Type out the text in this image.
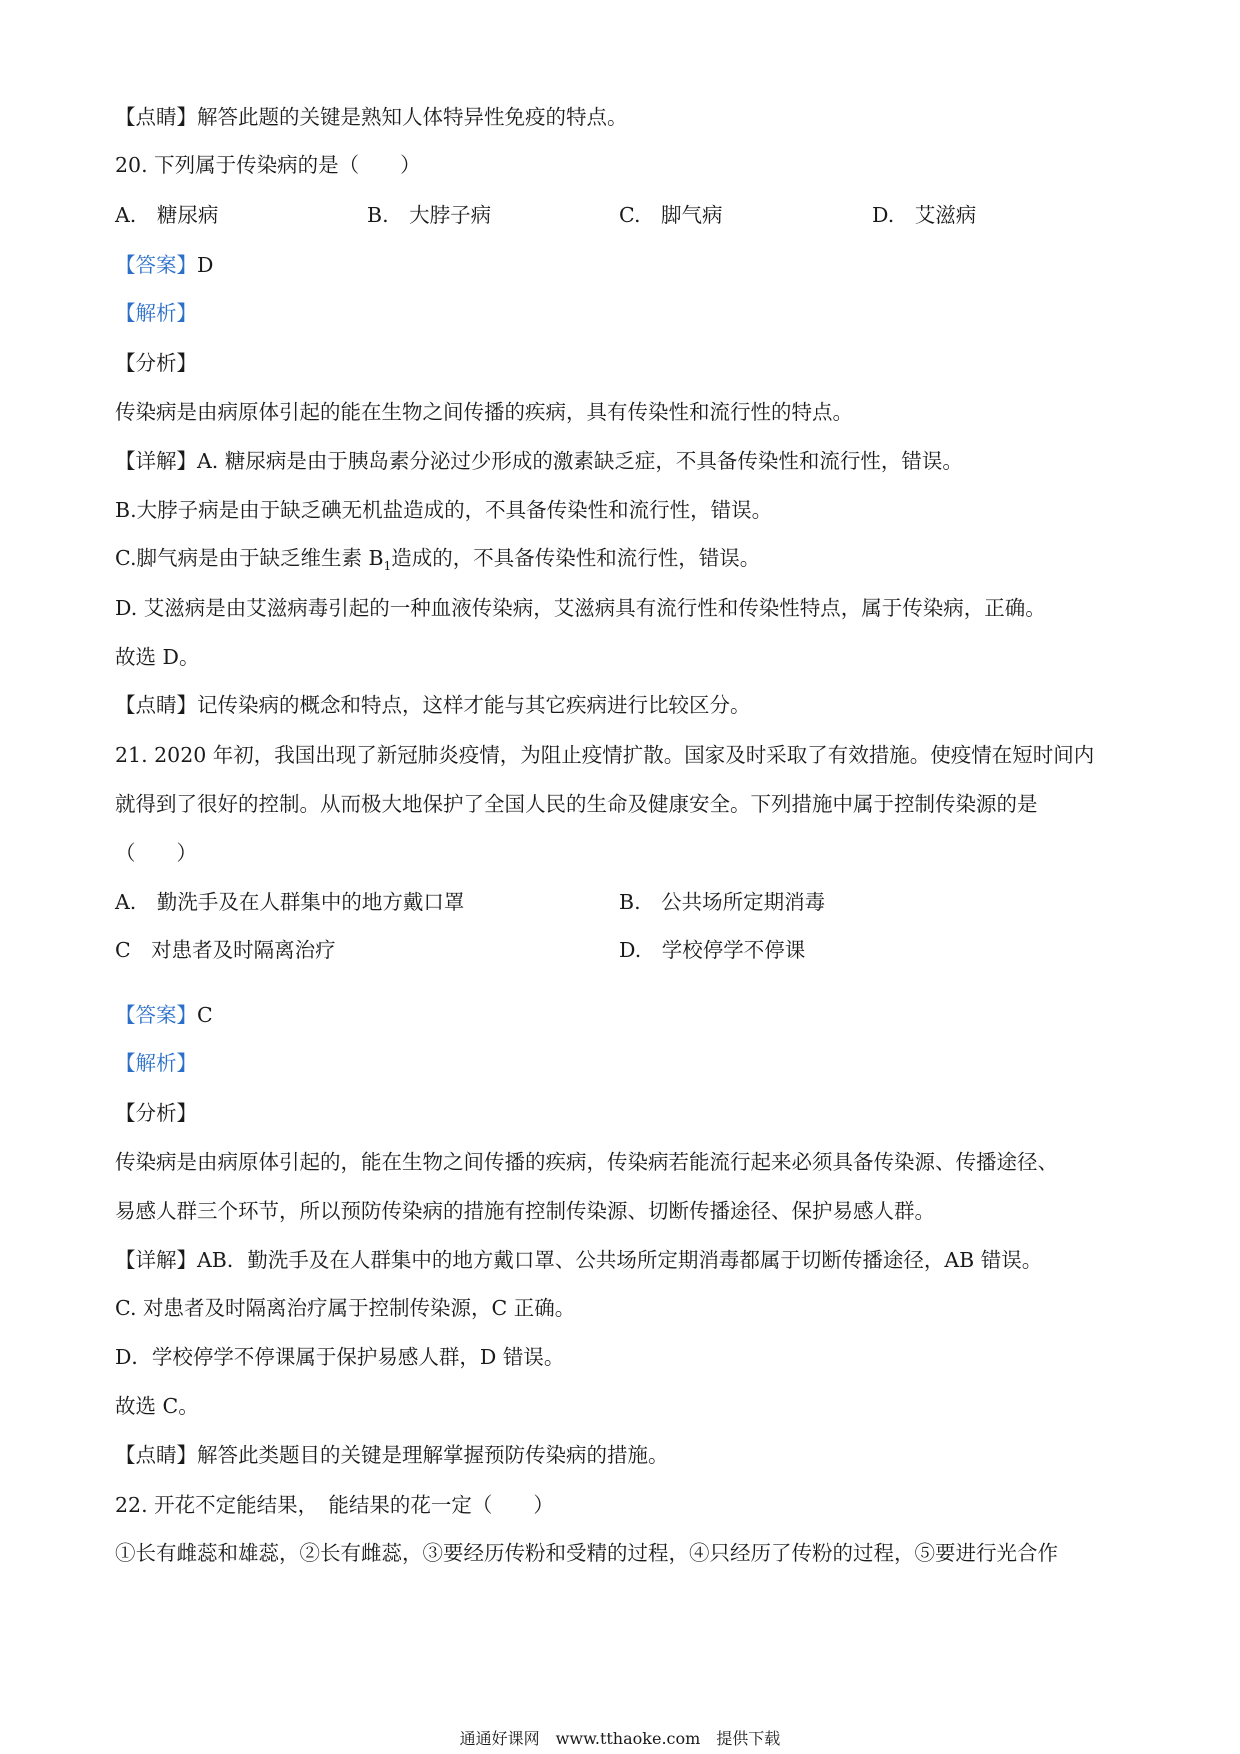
【点睛】解答此题的关键是熟知人体特异性免疫的特点。
20. 下列属于传染病的是（　　）
A.　糖尿病	B.　大脖子病	C.　脚气病	D.　艾滋病
【答案】D
【解析】
【分析】
传染病是由病原体引起的能在生物之间传播的疾病，具有传染性和流行性的特点。
【详解】A. 糖尿病是由于胰岛素分泌过少形成的激素缺乏症，不具备传染性和流行性，错误。
B.大脖子病是由于缺乏碘无机盐造成的，不具备传染性和流行性，错误。
C.脚气病是由于缺乏维生素 $B_1$造成的，不具备传染性和流行性，错误。
D. 艾滋病是由艾滋病毒引起的一种血液传染病，艾滋病具有流行性和传染性特点，属于传染病，正确。
故选 D。
【点睛】记传染病的概念和特点，这样才能与其它疾病进行比较区分。
21. 2020 年初，我国出现了新冠肺炎疫情，为阻止疫情扩散。国家及时采取了有效措施。使疫情在短时间内
就得到了很好的控制。从而极大地保护了全国人民的生命及健康安全。下列措施中属于控制传染源的是
（　　）
A.　勤洗手及在人群集中的地方戴口罩	B.　公共场所定期消毒
C　对患者及时隔离治疗	D.　学校停学不停课
【答案】C
【解析】
【分析】
传染病是由病原体引起的，能在生物之间传播的疾病，传染病若能流行起来必须具备传染源、传播途径、
易感人群三个环节，所以预防传染病的措施有控制传染源、切断传播途径、保护易感人群。
【详解】AB．勤洗手及在人群集中的地方戴口罩、公共场所定期消毒都属于切断传播途径，AB 错误。
C. 对患者及时隔离治疗属于控制传染源，C 正确。
D．学校停学不停课属于保护易感人群，D 错误。
故选 C。
【点睛】解答此类题目的关键是理解掌握预防传染病的措施。
22. 开花不定能结果，　能结果的花一定（　　）
①长有雌蕊和雄蕊，②长有雌蕊，③要经历传粉和受精的过程，④只经历了传粉的过程，⑤要进行光合作
通通好课网　www.tthaoke.com　提供下载
